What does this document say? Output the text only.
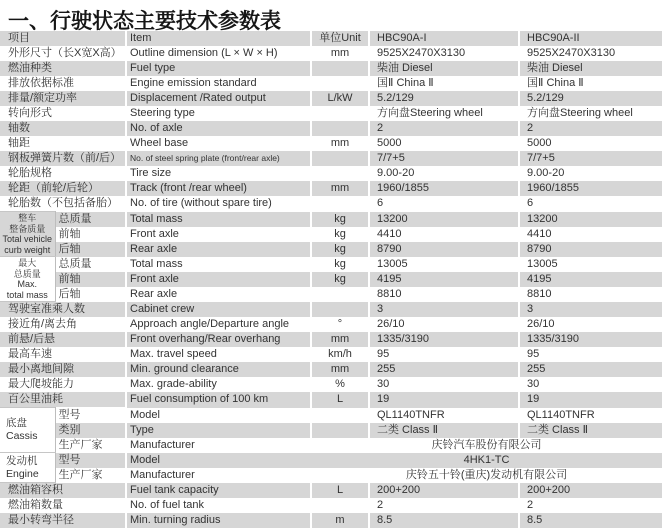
一、行驶状态主要技术参数表
项目		Item	单位Unit	HBC90A-I	HBC90A-II
外形尺寸（长X宽X高）		Outline dimension (L × W × H)	mm	9525X2470X3130	9525X2470X3130
燃油种类		Fuel type		柴油 Diesel	柴油 Diesel
排放依据标准		Engine emission standard		国Ⅱ China Ⅱ	国Ⅱ China Ⅱ
排量/额定功率		Displacement /Rated output	L/kW	5.2/129	5.2/129
转向形式		Steering type		方向盘Steering wheel	方向盘Steering wheel
轴数		No. of axle		2	2
轴距		Wheel base	mm	5000	5000
钢板弹簧片数（前/后）		No. of steel spring plate (front/rear axle)		7/7+5	7/7+5
轮胎规格		Tire size		9.00-20	9.00-20
轮距（前轮/后轮）		Track (front /rear wheel)	mm	1960/1855	1960/1855
轮胎数（不包括备胎）		No. of tire (without spare tire)		6	6

整车
整备质量
Total vehicle
curb weight	总质量	Total mass	kg	13200	13200
	前轴	Front axle	kg	4410	4410
	后轴	Rear axle	kg	8790	8790

最大
总质量
Max.
total mass	总质量	Total mass	kg	13005	13005
	前轴	Front axle	kg	4195	4195
	后轴	Rear axle		8810	8810
驾驶室准乘人数		Cabinet crew		3	3
接近角/离去角		Approach angle/Departure angle	°	26/10	26/10
前悬/后悬		Front overhang/Rear overhang	mm	1335/3190	1335/3190
最高车速		Max. travel speed	km/h	95	95
最小离地间隙		Min. ground clearance	mm	255	255
最大爬坡能力		Max. grade-ability	%	30	30
百公里油耗		Fuel consumption of 100 km	L	19	19

底盘
Cassis	型号	Model		QL1140TNFR	QL1140TNFR
	类别	Type		二类 Class Ⅱ	二类 Class Ⅱ
	生产厂家	Manufacturer	庆铃汽车股份有限公司		

发动机
Engine	型号	Model	4HK1-TC		
	生产厂家	Manufacturer	庆铃五十铃(重庆)发动机有限公司		
燃油箱容积		Fuel tank capacity	L	200+200	200+200
燃油箱数量		No. of fuel tank		2	2
最小转弯半径		Min. turning radius	m	8.5	8.5
